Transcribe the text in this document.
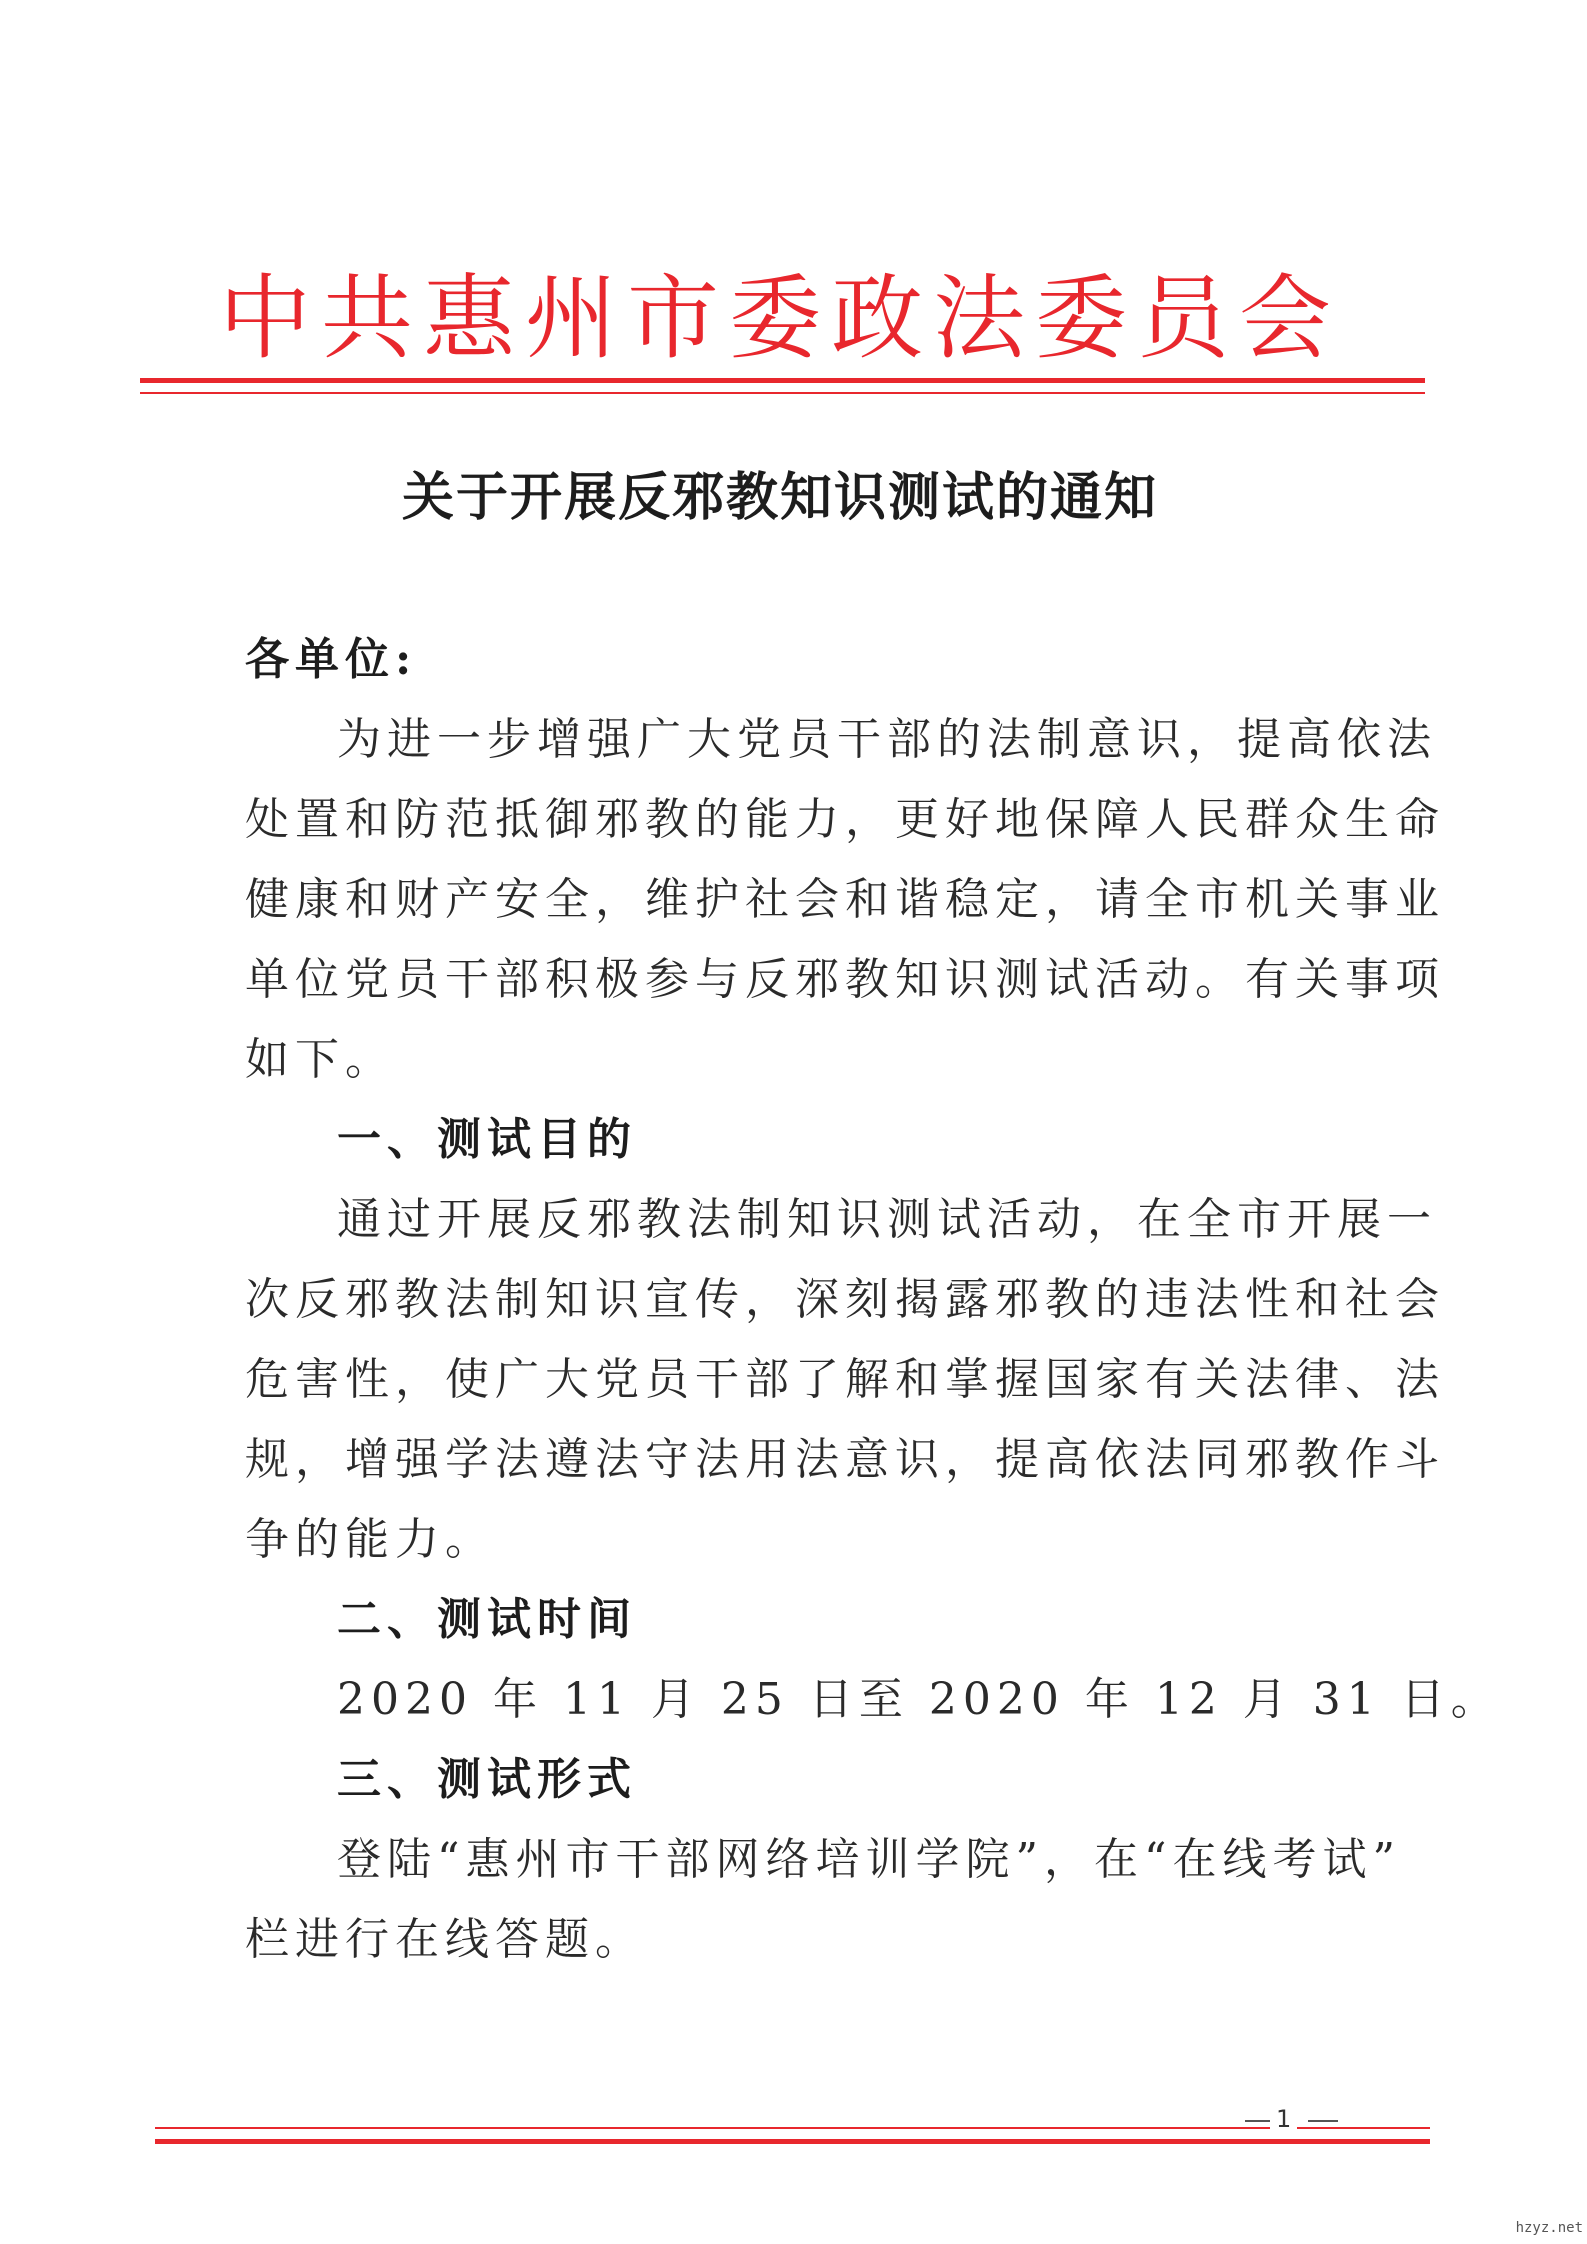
中共惠州市委政法委员会
关于开展反邪教知识测试的通知
各单位:
为进一步增强广大党员干部的法制意识，提高依法
处置和防范抵御邪教的能力，更好地保障人民群众生命
健康和财产安全，维护社会和谐稳定，请全市机关事业
单位党员干部积极参与反邪教知识测试活动。有关事项
如下。
一、测试目的
通过开展反邪教法制知识测试活动，在全市开展一
次反邪教法制知识宣传，深刻揭露邪教的违法性和社会
危害性，使广大党员干部了解和掌握国家有关法律、法
规，增强学法遵法守法用法意识，提高依法同邪教作斗
争的能力。
二、测试时间
2020 年 11 月 25 日至 2020 年 12 月 31 日。
三、测试形式
登陆“惠州市干部网络培训学院”，在“在线考试”
栏进行在线答题。
1
hzyz.net
